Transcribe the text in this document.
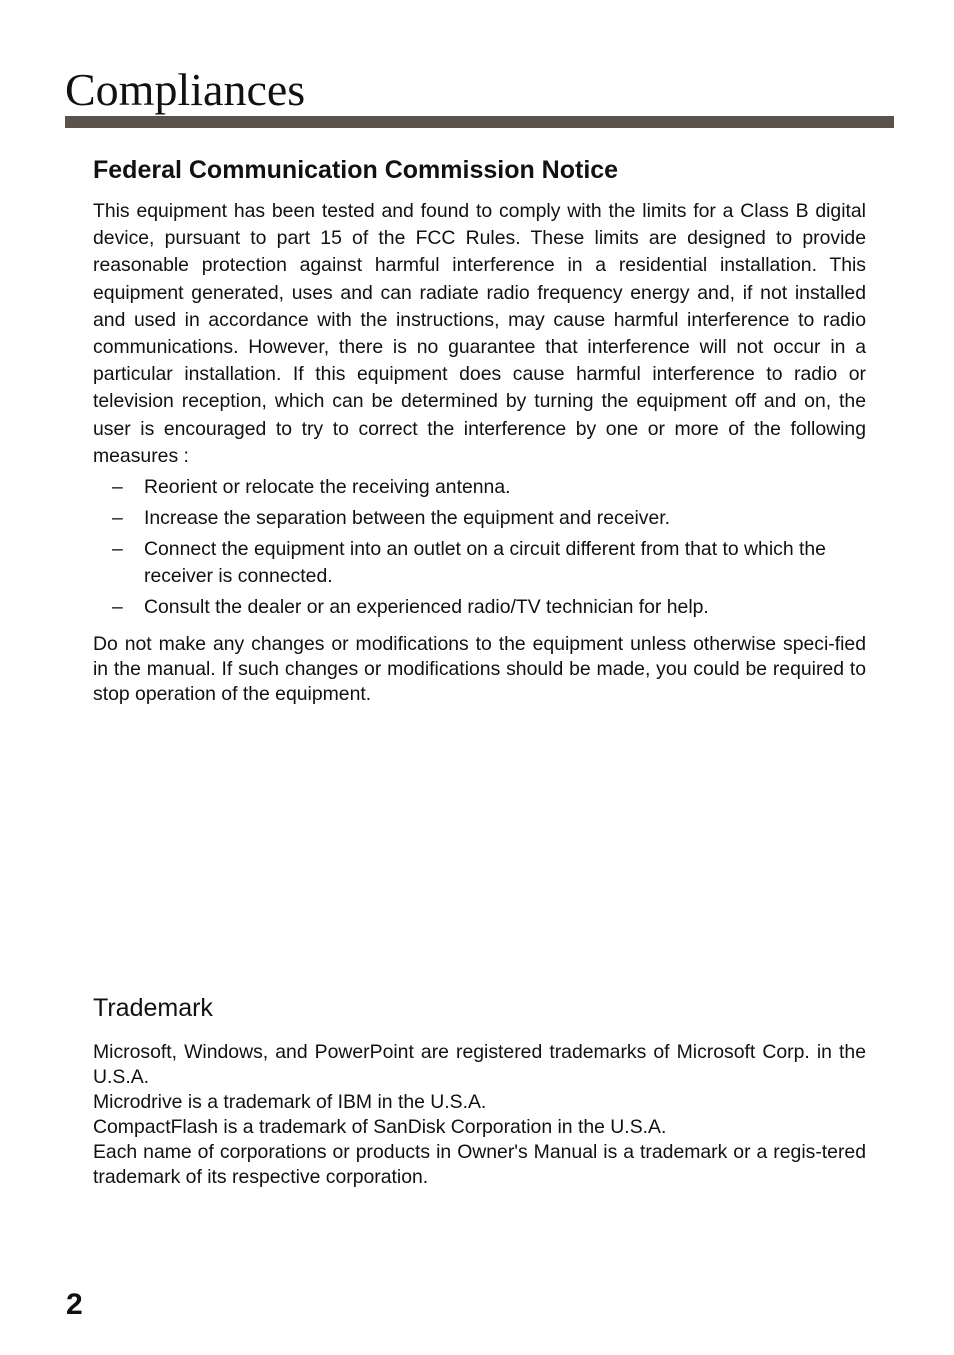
Compliances
Federal Communication Commission Notice

This equipment has been tested and found to comply with the limits for a Class B digital device, pursuant to part 15 of the FCC Rules. These limits are designed to provide reasonable protection against harmful interference in a residential installation. This equipment generated, uses and can radiate radio frequency energy and, if not installed and used in accordance with the instructions, may cause harmful interference to radio communications. However, there is no guarantee that interference will not occur in a particular installation. If this equipment does cause harmful interference to radio or television reception, which can be determined by turning the equipment off and on, the user is encouraged to try to correct the interference by one or more of the following measures :

– Reorient or relocate the receiving antenna.
– Increase the separation between the equipment and receiver.
– Connect the equipment into an outlet on a circuit different from that to which the receiver is connected.
– Consult the dealer or an experienced radio/TV technician for help.

Do not make any changes or modifications to the equipment unless otherwise speci-fied in the manual. If such changes or modifications should be made, you could be required to stop operation of the equipment.

Trademark

Microsoft, Windows, and PowerPoint are registered trademarks of Microsoft Corp. in the U.S.A.

Microdrive is a trademark of IBM in the U.S.A.

CompactFlash is a trademark of SanDisk Corporation in the U.S.A.

Each name of corporations or products in Owner's Manual is a trademark or a regis-tered trademark of its respective corporation.

2
